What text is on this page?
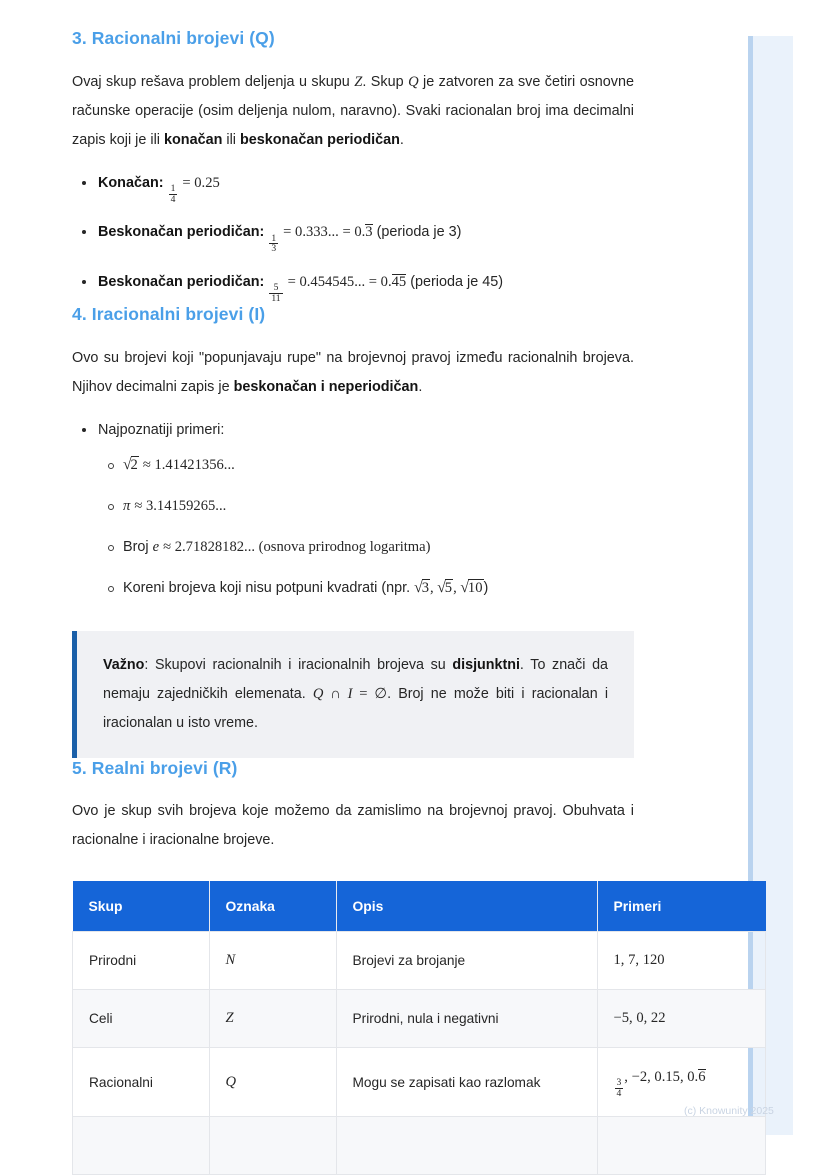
3. Racionalni brojevi (Q)

Ovaj skup rešava problem deljenja u skupu Z. Skup Q je zatvoren za sve četiri osnovne računske operacije (osim deljenja nulom, naravno). Svaki racionalan broj ima decimalni zapis koji je ili konačan ili beskonačan periodičan.

Konačan:
$\frac{1}{4}$
= 0.25
Beskonačan periodičan:
$\frac{1}{3}$
= 0.333... = 0.3 (perioda je 3)
Beskonačan periodičan:
$\frac{5}{11}$
= 0.454545... = 0.45 (perioda je 45)
4. Iracionalni brojevi (I)

Ovo su brojevi koji "popunjavaju rupe" na brojevnoj pravoj između racionalnih brojeva. Njihov decimalni zapis je beskonačan i neperiodičan.

Najpoznatiji primeri:
√2 ≈ 1.41421356...
π ≈ 3.14159265...
Broj e ≈ 2.71828182... (osnova prirodnog logaritma)
Koreni brojeva koji nisu potpuni kvadrati (npr. √3, √5, √10)

Važno: Skupovi racionalnih i iracionalnih brojeva su disjunktni. To znači da nemaju zajedničkih elemenata. Q ∩ I = ∅. Broj ne može biti i racionalan i iracionalan u isto vreme.

5. Realni brojevi (R)

Ovo je skup svih brojeva koje možemo da zamislimo na brojevnoj pravoj. Obuhvata i racionalne i iracionalne brojeve.

Skup	Oznaka	Opis	Primeri
Prirodni	N	Brojevi za brojanje	1, 7, 120
Celi	Z	Prirodni, nula i negativni	−5, 0, 22
Racionalni	Q	Mogu se zapisati kao razlomak	$\frac{3}{4}$
, −2, 0.15, 0.6

(c) Knowunity 2025
